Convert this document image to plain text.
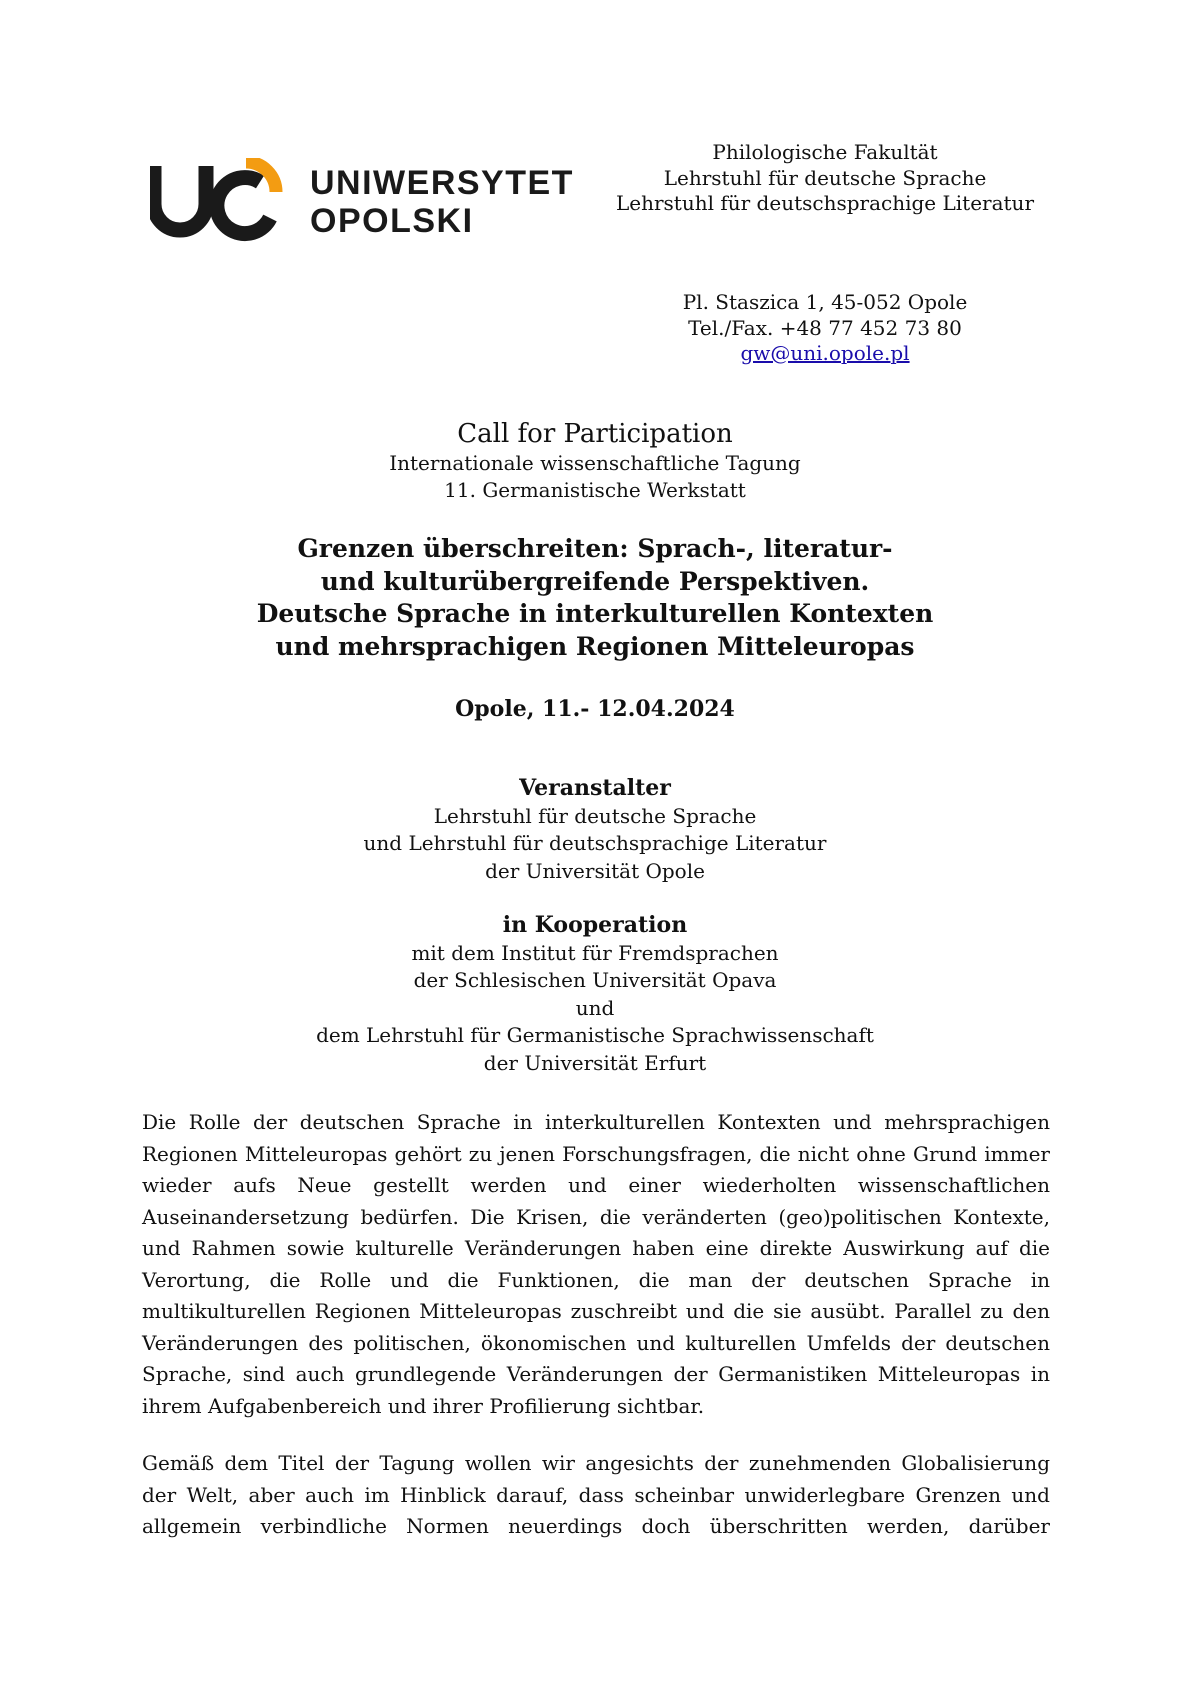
UNIWERSYTET
OPOLSKI
Philologische Fakultät
Lehrstuhl für deutsche Sprache
Lehrstuhl für deutschsprachige Literatur
Pl. Staszica 1, 45-052 Opole
Tel./Fax. +48 77 452 73 80
gw@uni.opole.pl
Call for Participation
Internationale wissenschaftliche Tagung
11. Germanistische Werkstatt
Grenzen überschreiten: Sprach-, literatur-
und kulturübergreifende Perspektiven.
Deutsche Sprache in interkulturellen Kontexten
und mehrsprachigen Regionen Mitteleuropas
Opole, 11.- 12.04.2024
Veranstalter
Lehrstuhl für deutsche Sprache
und Lehrstuhl für deutschsprachige Literatur
der Universität Opole
in Kooperation
mit dem Institut für Fremdsprachen
der Schlesischen Universität Opava
und
dem Lehrstuhl für Germanistische Sprachwissenschaft
der Universität Erfurt

Die Rolle der deutschen Sprache in interkulturellen Kontexten und mehrsprachigen Regionen Mitteleuropas gehört zu jenen Forschungsfragen, die nicht ohne Grund immer wieder aufs Neue gestellt werden und einer wiederholten wissenschaftlichen Auseinandersetzung bedürfen. Die Krisen, die veränderten (geo)politischen Kontexte, und Rahmen sowie kulturelle Veränderungen haben eine direkte Auswirkung auf die Verortung, die Rolle und die Funktionen, die man der deutschen Sprache in multikulturellen Regionen Mitteleuropas zuschreibt und die sie ausübt. Parallel zu den Veränderungen des politischen, ökonomischen und kulturellen Umfelds der deutschen Sprache, sind auch grundlegende Veränderungen der Germanistiken Mitteleuropas in ihrem Aufgabenbereich und ihrer Profilierung sichtbar.

Gemäß dem Titel der Tagung wollen wir angesichts der zunehmenden Globalisierung der Welt, aber auch im Hinblick darauf, dass scheinbar unwiderlegbare Grenzen und allgemein verbindliche Normen neuerdings doch überschritten werden, darüber
